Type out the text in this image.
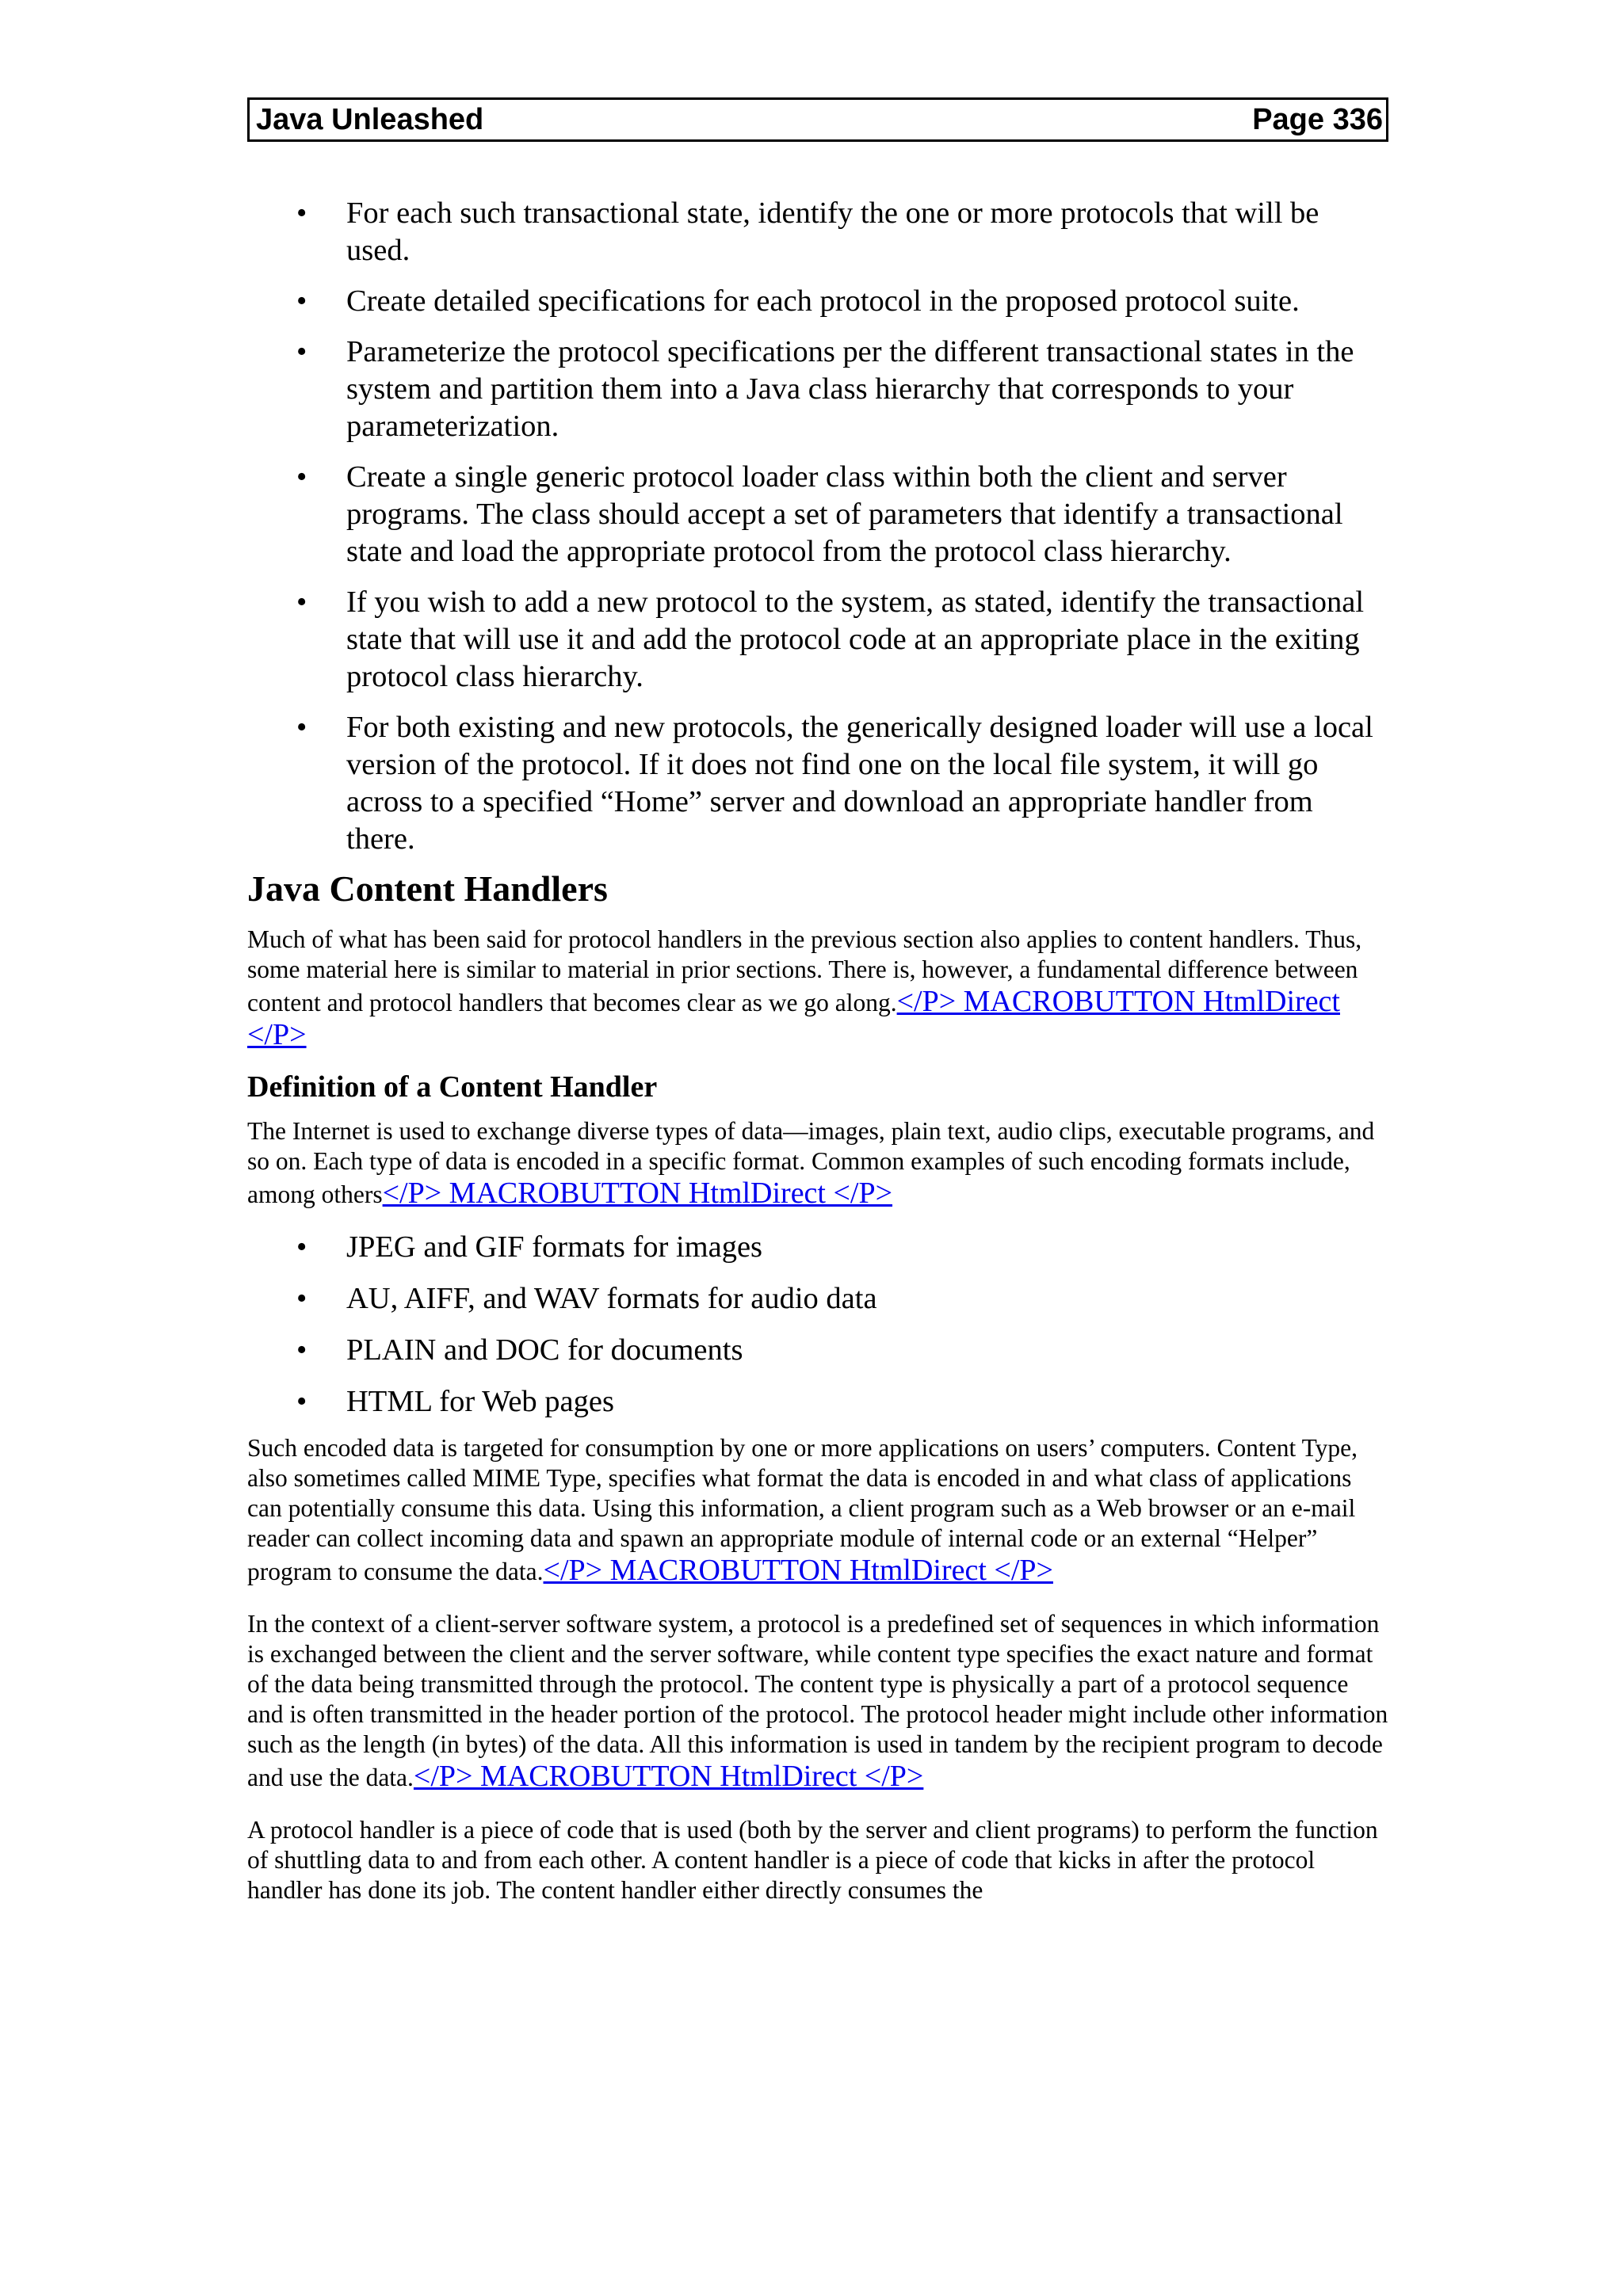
Java Unleashed	Page 336
• For each such transactional state, identify the one or more protocols that will be used.
• Create detailed specifications for each protocol in the proposed protocol suite.
• Parameterize the protocol specifications per the different transactional states in the system and partition them into a Java class hierarchy that corresponds to your parameterization.
• Create a single generic protocol loader class within both the client and server programs. The class should accept a set of parameters that identify a transactional state and load the appropriate protocol from the protocol class hierarchy.
• If you wish to add a new protocol to the system, as stated, identify the transactional state that will use it and add the protocol code at an appropriate place in the exiting protocol class hierarchy.
• For both existing and new protocols, the generically designed loader will use a local version of the protocol. If it does not find one on the local file system, it will go across to a specified “Home” server and download an appropriate handler from there.
Java Content Handlers

Much of what has been said for protocol handlers in the previous section also applies to content handlers. Thus, some material here is similar to material in prior sections. There is, however, a fundamental difference between content and protocol handlers that becomes clear as we go along.</P> MACROBUTTON HtmlDirect </P>

Definition of a Content Handler

The Internet is used to exchange diverse types of data—images, plain text, audio clips, executable programs, and so on. Each type of data is encoded in a specific format. Common examples of such encoding formats include, among others</P> MACROBUTTON HtmlDirect </P>

• JPEG and GIF formats for images
• AU, AIFF, and WAV formats for audio data
• PLAIN and DOC for documents
• HTML for Web pages

Such encoded data is targeted for consumption by one or more applications on users’ computers. Content Type, also sometimes called MIME Type, specifies what format the data is encoded in and what class of applications can potentially consume this data. Using this information, a client program such as a Web browser or an e-mail reader can collect incoming data and spawn an appropriate module of internal code or an external “Helper” program to consume the data.</P> MACROBUTTON HtmlDirect </P>

In the context of a client-server software system, a protocol is a predefined set of sequences in which information is exchanged between the client and the server software, while content type specifies the exact nature and format of the data being transmitted through the protocol. The content type is physically a part of a protocol sequence and is often transmitted in the header portion of the protocol. The protocol header might include other information such as the length (in bytes) of the data. All this information is used in tandem by the recipient program to decode and use the data.</P> MACROBUTTON HtmlDirect </P>

A protocol handler is a piece of code that is used (both by the server and client programs) to perform the function of shuttling data to and from each other. A content handler is a piece of code that kicks in after the protocol handler has done its job. The content handler either directly consumes the
